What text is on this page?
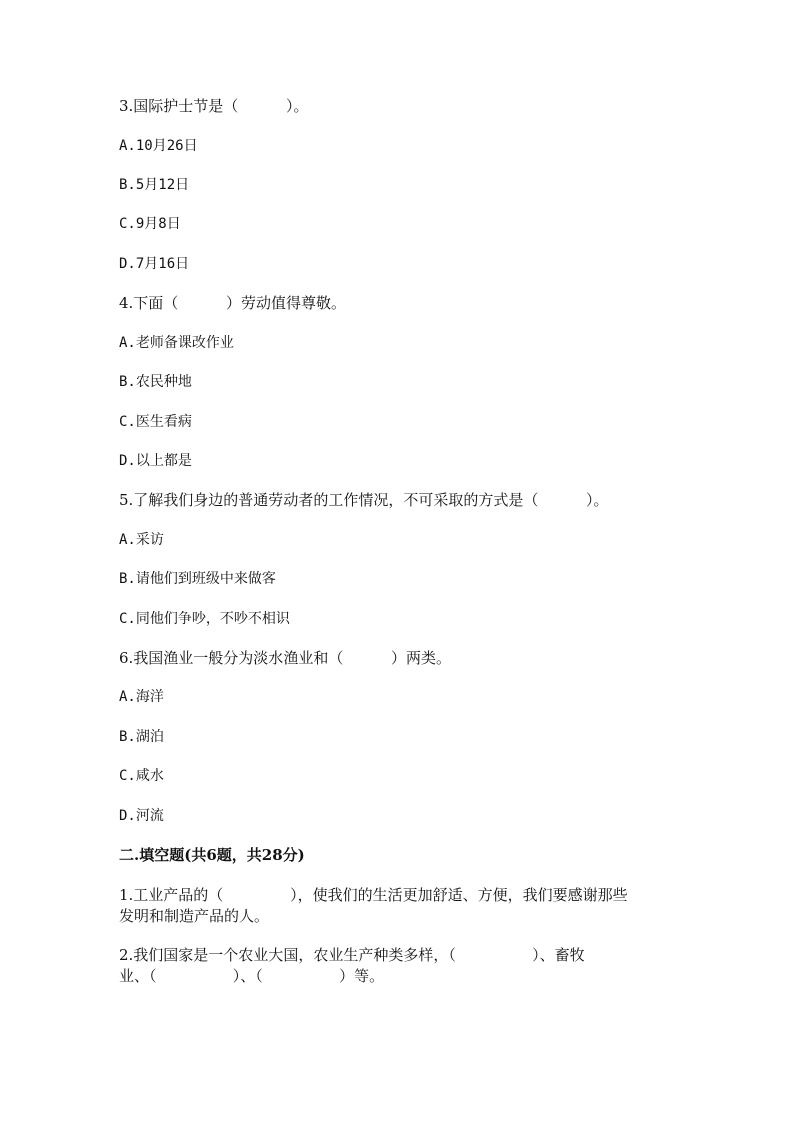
3.国际护士节是（          ）。
A.10月26日
B.5月12日
C.9月8日
D.7月16日
4.下面（          ）劳动值得尊敬。
A.老师备课改作业
B.农民种地
C.医生看病
D.以上都是
5.了解我们身边的普通劳动者的工作情况，不可采取的方式是（          ）。
A.采访
B.请他们到班级中来做客
C.同他们争吵，不吵不相识
6.我国渔业一般分为淡水渔业和（          ）两类。
A.海洋
B.湖泊
C.咸水
D.河流
二.填空题(共6题，共28分)
1.工业产品的（              ），使我们的生活更加舒适、方便，我们要感谢那些
发明和制造产品的人。
2.我们国家是一个农业大国，农业生产种类多样，（                ）、畜牧
业、（                ）、（                ）等。
